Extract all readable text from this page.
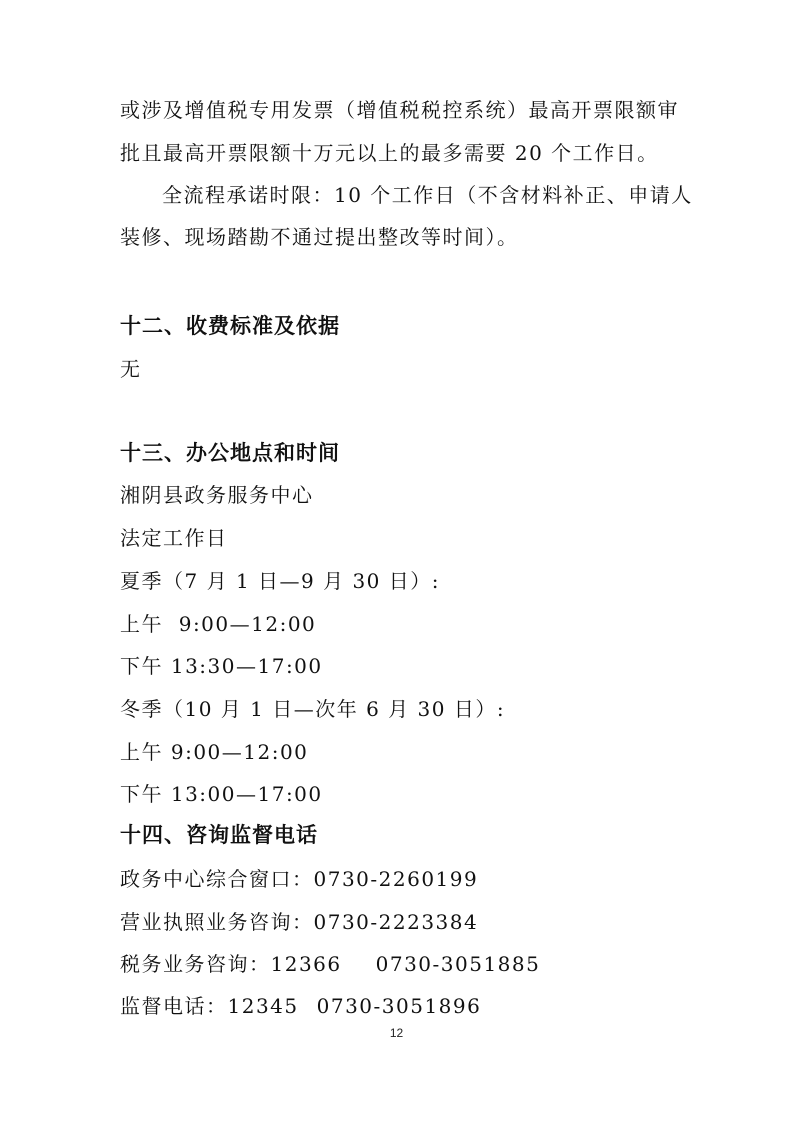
或涉及增值税专用发票（增值税税控系统）最高开票限额审
批且最高开票限额十万元以上的最多需要 20 个工作日。
全流程承诺时限：10 个工作日（不含材料补正、申请人
装修、现场踏勘不通过提出整改等时间）。
十二、收费标准及依据
无
十三、办公地点和时间
湘阴县政务服务中心
法定工作日
夏季（7 月 1 日—9 月 30 日）:
上午  9:00—12:00
下午 13:30—17:00
冬季（10 月 1 日—次年 6 月 30 日）:
上午 9:00—12:00
下午 13:00—17:00
十四、咨询监督电话
政务中心综合窗口：0730-2260199
营业执照业务咨询：0730-2223384
税务业务咨询：12366 0730-3051885
监督电话：12345 0730-3051896
12
